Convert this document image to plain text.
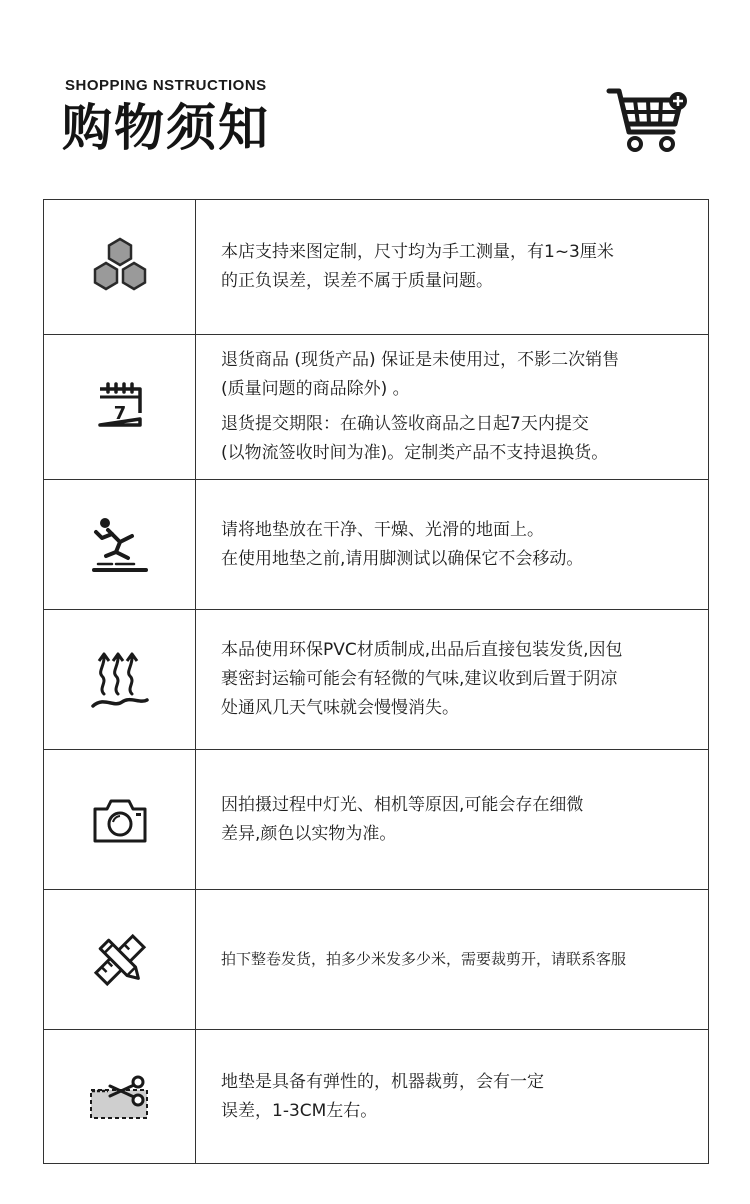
SHOPPING NSTRUCTIONS
购物须知

本店支持来图定制，尺寸均为手工测量，有1~3厘米

的正负误差，误差不属于质量问题。

7

退货商品 (现货产品) 保证是未使用过，不影二次销售

(质量问题的商品除外) 。

退货提交期限：在确认签收商品之日起7天内提交

(以物流签收时间为准)。定制类产品不支持退换货。

请将地垫放在干净、干燥、光滑的地面上。

在使用地垫之前,请用脚测试以确保它不会移动。

本品使用环保PVC材质制成,出品后直接包装发货,因包

裹密封运输可能会有轻微的气味,建议收到后置于阴凉

处通风几天气味就会慢慢消失。

因拍摄过程中灯光、相机等原因,可能会存在细微

差异,颜色以实物为准。

拍下整卷发货，拍多少米发多少米，需要裁剪开，请联系客服

地垫是具备有弹性的，机器裁剪，会有一定

误差，1-3CM左右。
